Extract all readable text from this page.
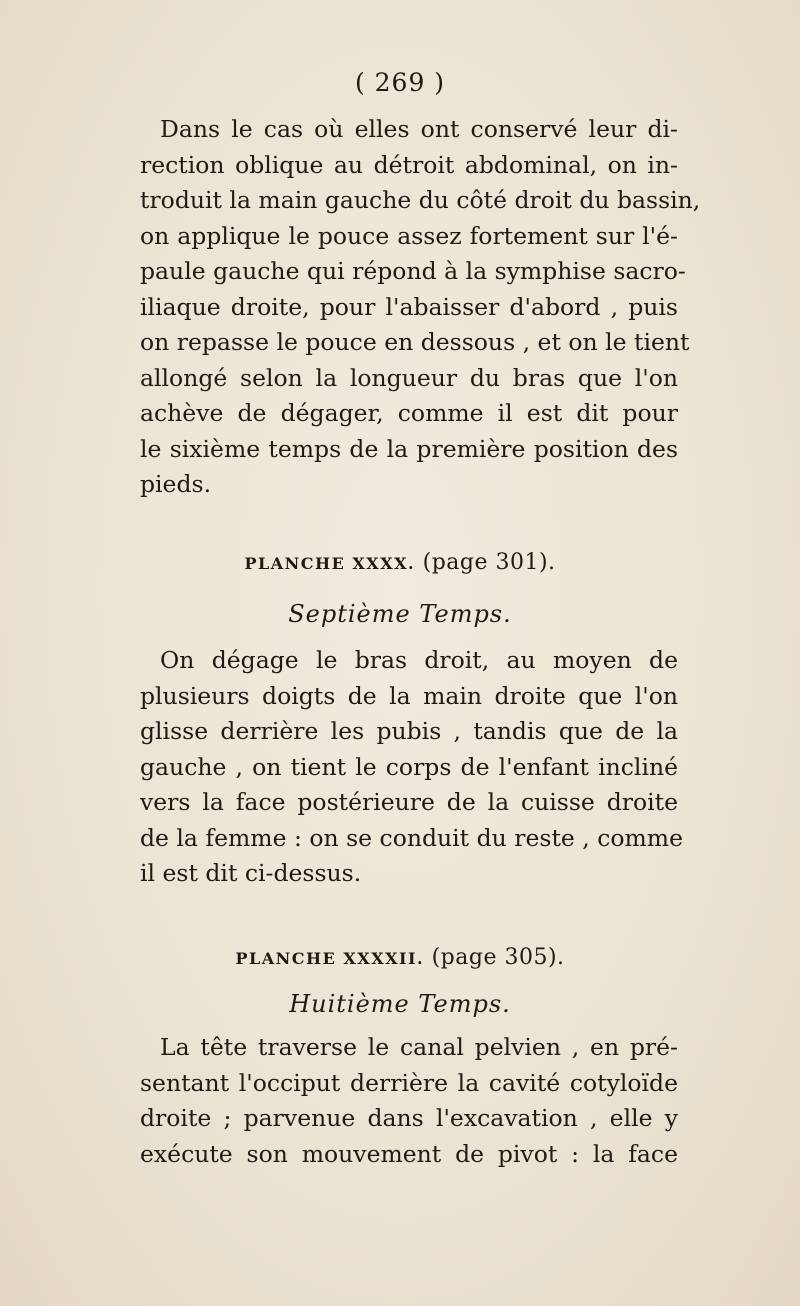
( 269 )
Dans le cas où elles ont conservé leur di-
rection oblique au détroit abdominal, on in-
troduit la main gauche du côté droit du bassin,
on applique le pouce assez fortement sur l'é-
paule gauche qui répond à la symphise sacro-
iliaque droite, pour l'abaisser d'abord , puis
on repasse le pouce en dessous , et on le tient
allongé selon la longueur du bras que l'on
achève de dégager, comme il est dit pour
le sixième temps de la première position des
pieds.
PLANCHE XXXX. (page 301).
Septième Temps.
On dégage le bras droit, au moyen de
plusieurs doigts de la main droite que l'on
glisse derrière les pubis , tandis que de la
gauche , on tient le corps de l'enfant incliné
vers la face postérieure de la cuisse droite
de la femme : on se conduit du reste , comme
il est dit ci-dessus.
PLANCHE XXXXII. (page 305).
Huitième Temps.
La tête traverse le canal pelvien , en pré-
sentant l'occiput derrière la cavité cotyloïde
droite ; parvenue dans l'excavation , elle y
exécute son mouvement de pivot : la face
